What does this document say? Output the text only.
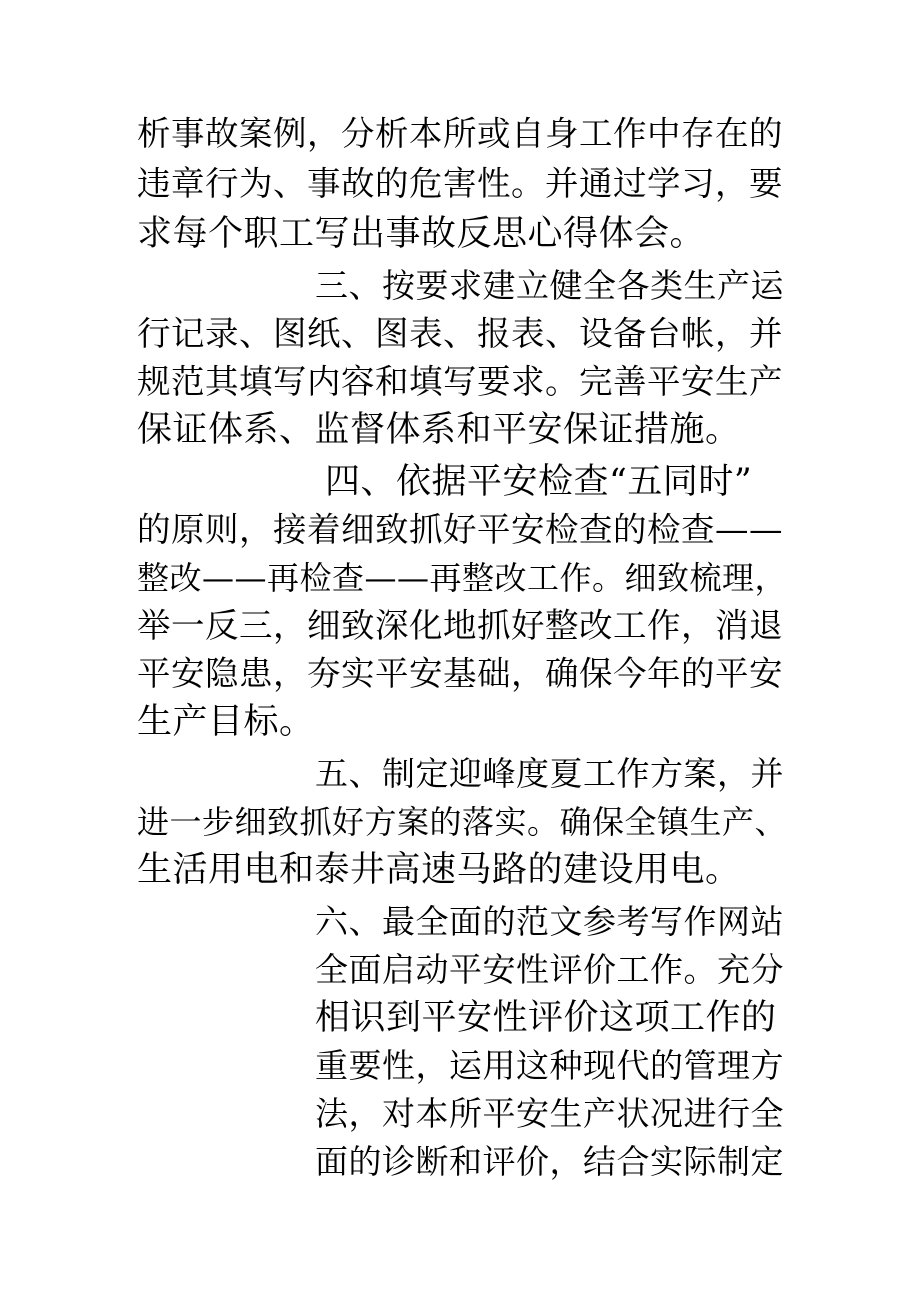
析事故案例，分析本所或自身工作中存在的
违章行为、事故的危害性。并通过学习，要
求每个职工写出事故反思心得体会。
三、按要求建立健全各类生产运
行记录、图纸、图表、报表、设备台帐，并
规范其填写内容和填写要求。完善平安生产
保证体系、监督体系和平安保证措施。
四、依据平安检查“五同时”
的原则，接着细致抓好平安检查的检查——
整改——再检查——再整改工作。细致梳理，
举一反三，细致深化地抓好整改工作，消退
平安隐患，夯实平安基础，确保今年的平安
生产目标。
五、制定迎峰度夏工作方案，并
进一步细致抓好方案的落实。确保全镇生产、
生活用电和泰井高速马路的建设用电。
六、最全面的范文参考写作网站
全面启动平安性评价工作。充分
相识到平安性评价这项工作的
重要性，运用这种现代的管理方
法，对本所平安生产状况进行全
面的诊断和评价，结合实际制定
